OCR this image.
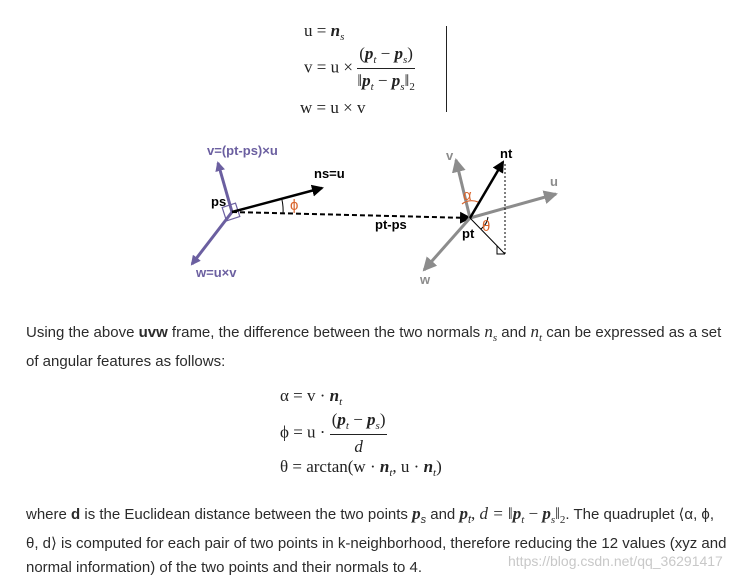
$u = n_s$
$v = u \times \frac{(p_t - p_s)}{‖p_t - p_s‖_2}$
w = u × v
v=(pt-ps)×u
ns=u
ps	ϕ
w=u×v
pt-ps
v	nt
u
α
pt θ
w
Using the above uvw frame, the difference between the two normals $n_s$ and $n_t$ can be expressed as a set of angular features as follows:
$\alpha = v \cdot n_t$
$\phi = u \cdot \frac{(p_t - p_s)}{d}$
$\theta = \arctan(w \cdot n_t$, $u \cdot n_t$)
where d is the Euclidean distance between the two points $p_s$ and $p_t$, $d = ‖p_t$ − $p_s‖_2$. The quadruplet ⟨α, ϕ, θ, d⟩ is computed for each pair of two points in k-neighborhood, therefore reducing the 12 values (xyz and normal information) of the two points and their normals to 4.	https://blog.csdn.net/qq_36291417
